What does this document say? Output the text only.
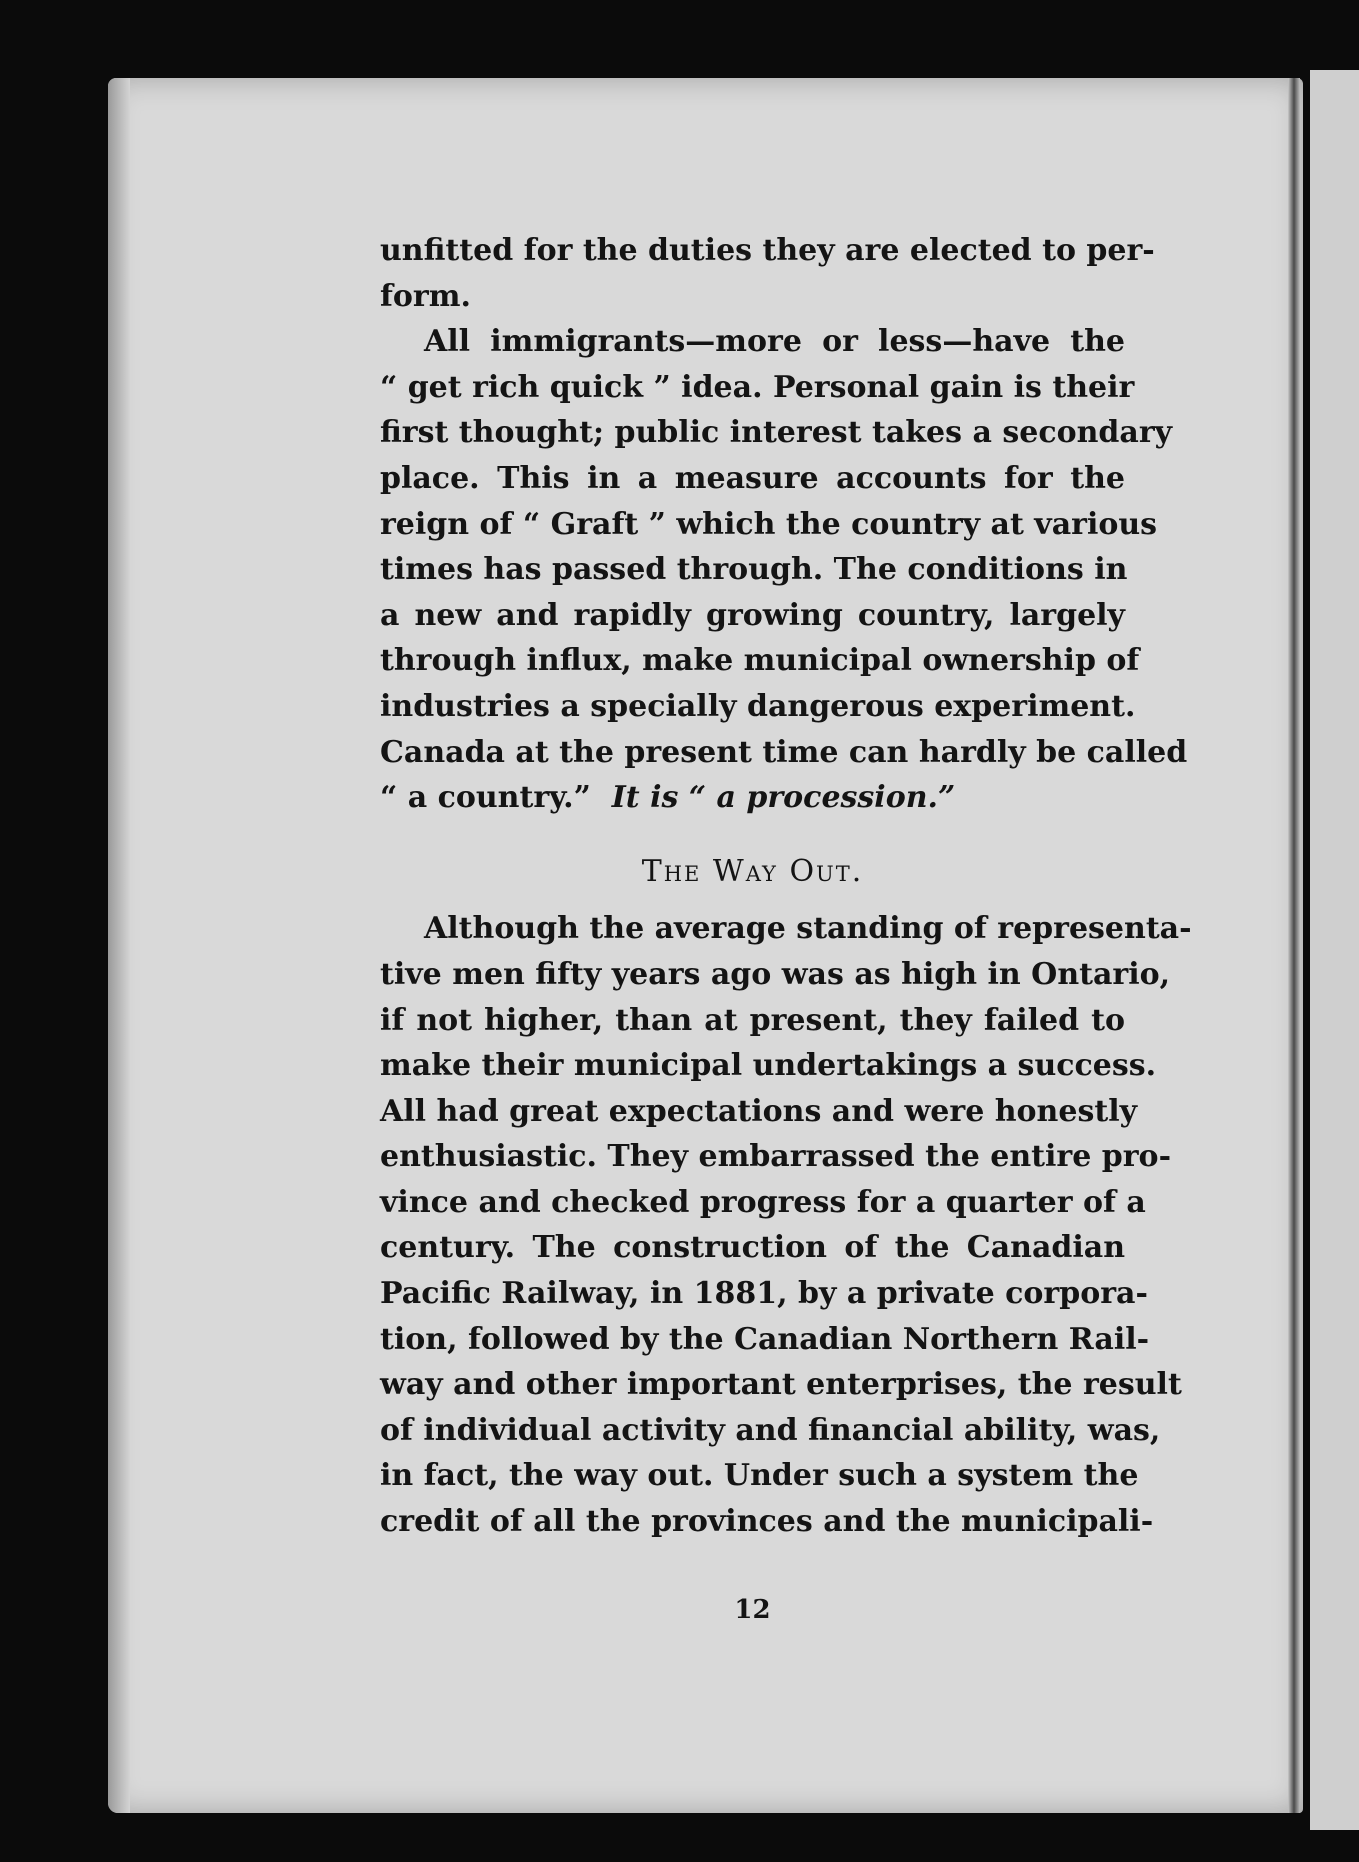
unfitted for the duties they are elected to per-
form.

All immigrants—more or less—have the
“ get rich quick ” idea. Personal gain is their
first thought; public interest takes a secondary
place. This in a measure accounts for the
reign of “ Graft ” which the country at various
times has passed through. The conditions in
a new and rapidly growing country, largely
through influx, make municipal ownership of
industries a specially dangerous experiment.
Canada at the present time can hardly be called
“ a country.” It is “ a procession.”

The Way Out.

Although the average standing of representa-
tive men fifty years ago was as high in Ontario,
if not higher, than at present, they failed to
make their municipal undertakings a success.
All had great expectations and were honestly
enthusiastic. They embarrassed the entire pro-
vince and checked progress for a quarter of a
century. The construction of the Canadian
Pacific Railway, in 1881, by a private corpora-
tion, followed by the Canadian Northern Rail-
way and other important enterprises, the result
of individual activity and financial ability, was,
in fact, the way out. Under such a system the
credit of all the provinces and the municipali-

12
